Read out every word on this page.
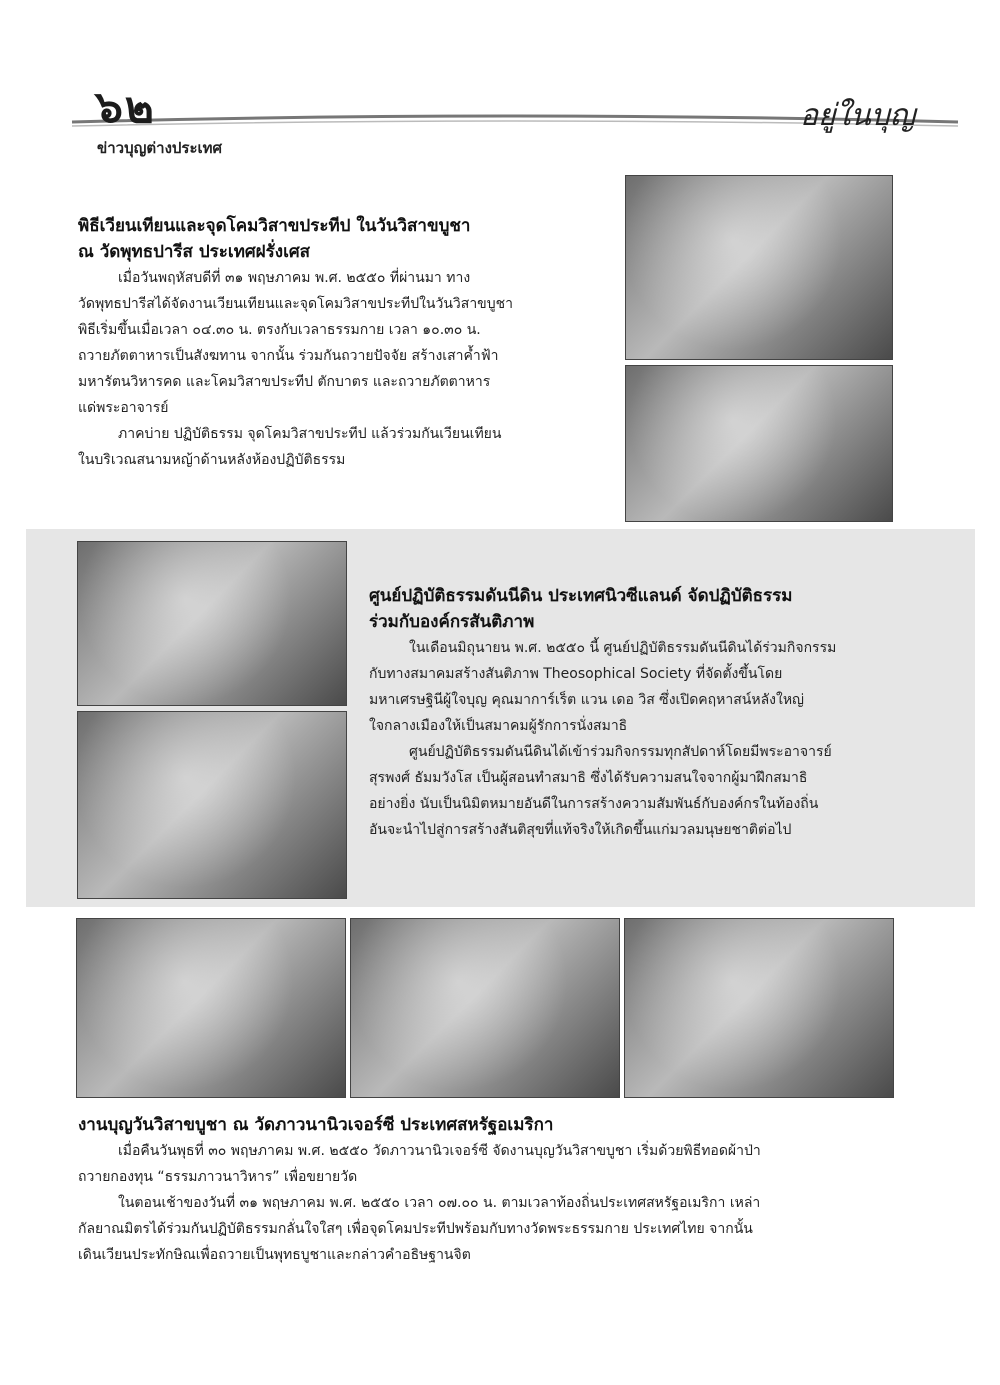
๖๒	อยู่ในบุญ
ข่าวบุญต่างประเทศ
พิธีเวียนเทียนและจุดโคมวิสาขประทีป ในวันวิสาขบูชา
ณ วัดพุทธปารีส ประเทศฝรั่งเศส

เมื่อวันพฤหัสบดีที่ ๓๑ พฤษภาคม พ.ศ. ๒๕๕๐ ที่ผ่านมา ทาง

วัดพุทธปารีสได้จัดงานเวียนเทียนและจุดโคมวิสาขประทีปในวันวิสาขบูชา

พิธีเริ่มขึ้นเมื่อเวลา ๐๔.๓๐ น. ตรงกับเวลาธรรมกาย เวลา ๑๐.๓๐ น.

ถวายภัตตาหารเป็นสังฆทาน จากนั้น ร่วมกันถวายปัจจัย สร้างเสาค้ำฟ้า

มหารัตนวิหารคด และโคมวิสาขประทีป ตักบาตร และถวายภัตตาหาร

แด่พระอาจารย์

ภาคบ่าย ปฏิบัติธรรม จุดโคมวิสาขประทีป แล้วร่วมกันเวียนเทียน

ในบริเวณสนามหญ้าด้านหลังห้องปฏิบัติธรรม

ศูนย์ปฏิบัติธรรมดันนีดิน ประเทศนิวซีแลนด์ จัดปฏิบัติธรรม
ร่วมกับองค์กรสันติภาพ

ในเดือนมิถุนายน พ.ศ. ๒๕๕๐ นี้ ศูนย์ปฏิบัติธรรมดันนีดินได้ร่วมกิจกรรม

กับทางสมาคมสร้างสันติภาพ Theosophical Society ที่จัดตั้งขึ้นโดย

มหาเศรษฐินีผู้ใจบุญ คุณมาการ์เร็ต แวน เดอ วิส ซึ่งเปิดคฤหาสน์หลังใหญ่

ใจกลางเมืองให้เป็นสมาคมผู้รักการนั่งสมาธิ

ศูนย์ปฏิบัติธรรมดันนีดินได้เข้าร่วมกิจกรรมทุกสัปดาห์โดยมีพระอาจารย์

สุรพงศ์ ธัมมวังโส เป็นผู้สอนทำสมาธิ ซึ่งได้รับความสนใจจากผู้มาฝึกสมาธิ

อย่างยิ่ง นับเป็นนิมิตหมายอันดีในการสร้างความสัมพันธ์กับองค์กรในท้องถิ่น

อันจะนำไปสู่การสร้างสันติสุขที่แท้จริงให้เกิดขึ้นแก่มวลมนุษยชาติต่อไป

งานบุญวันวิสาขบูชา ณ วัดภาวนานิวเจอร์ซี ประเทศสหรัฐอเมริกา

เมื่อคืนวันพุธที่ ๓๐ พฤษภาคม พ.ศ. ๒๕๕๐ วัดภาวนานิวเจอร์ซี จัดงานบุญวันวิสาขบูชา เริ่มด้วยพิธีทอดผ้าป่า

ถวายกองทุน “ธรรมภาวนาวิหาร” เพื่อขยายวัด

ในตอนเช้าของวันที่ ๓๑ พฤษภาคม พ.ศ. ๒๕๕๐ เวลา ๐๗.๐๐ น. ตามเวลาท้องถิ่นประเทศสหรัฐอเมริกา เหล่า

กัลยาณมิตรได้ร่วมกันปฏิบัติธรรมกลั่นใจใสๆ เพื่อจุดโคมประทีปพร้อมกับทางวัดพระธรรมกาย ประเทศไทย จากนั้น

เดินเวียนประทักษิณเพื่อถวายเป็นพุทธบูชาและกล่าวคำอธิษฐานจิต
